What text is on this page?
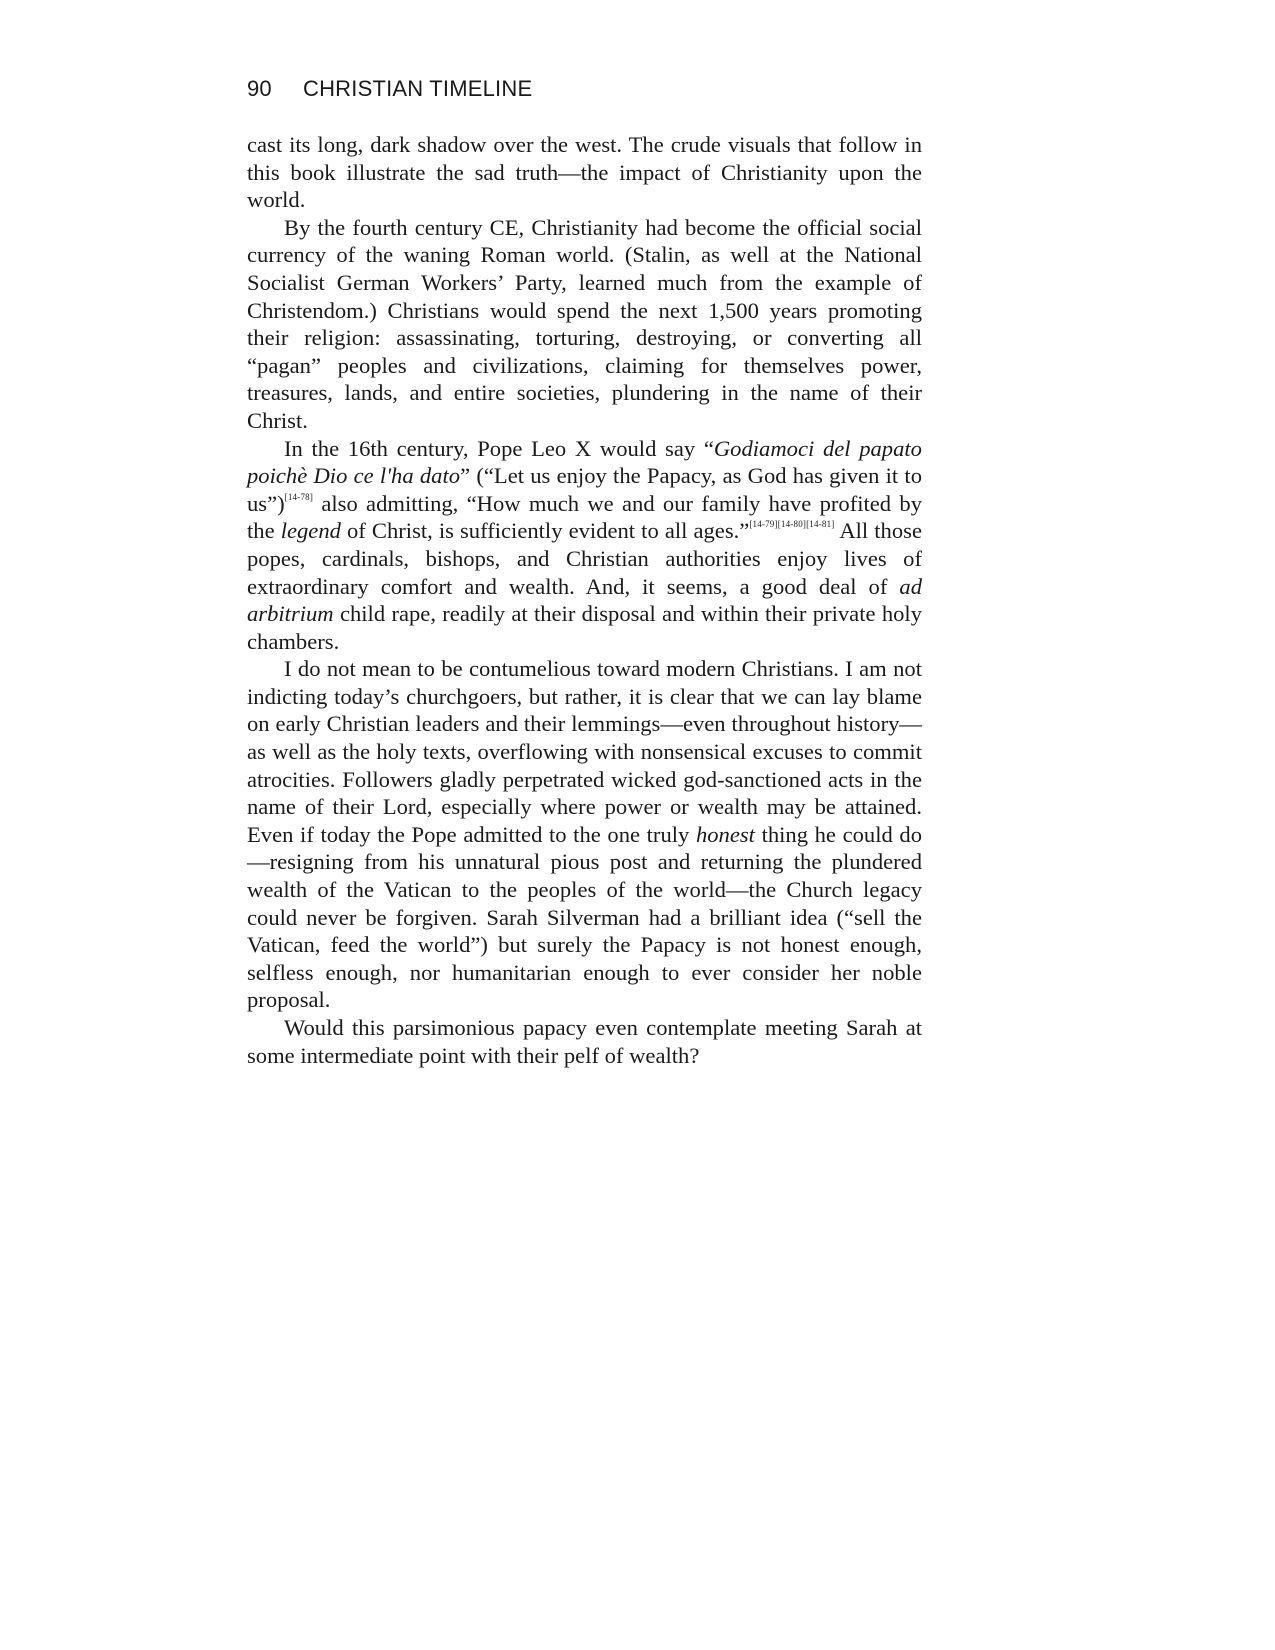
90 CHRISTIAN TIMELINE

cast its long, dark shadow over the west. The crude visuals that follow in this book illustrate the sad truth—the impact of Christianity upon the world.

By the fourth century CE, Christianity had become the official social currency of the waning Roman world. (Stalin, as well at the National Socialist German Workers’ Party, learned much from the example of Christendom.) Christians would spend the next 1,500 years promoting their religion: assassinating, torturing, destroying, or converting all “pagan” peoples and civilizations, claiming for themselves power, treasures, lands, and entire societies, plundering in the name of their Christ.

In the 16th century, Pope Leo X would say “Godiamoci del papato poichè Dio ce l'ha dato” (“Let us enjoy the Papacy, as God has given it to us”)[14-78] also admitting, “How much we and our family have profited by the legend of Christ, is sufficiently evident to all ages.”[14-79][14-80][14-81] All those popes, cardinals, bishops, and Christian authorities enjoy lives of extraordinary comfort and wealth. And, it seems, a good deal of ad arbitrium child rape, readily at their disposal and within their private holy chambers.

I do not mean to be contumelious toward modern Christians. I am not indicting today’s churchgoers, but rather, it is clear that we can lay blame on early Christian leaders and their lemmings—even throughout history—as well as the holy texts, overflowing with nonsensical excuses to commit atrocities. Followers gladly perpetrated wicked god-sanctioned acts in the name of their Lord, especially where power or wealth may be attained. Even if today the Pope admitted to the one truly honest thing he could do—resigning from his unnatural pious post and returning the plundered wealth of the Vatican to the peoples of the world—the Church legacy could never be forgiven. Sarah Silverman had a brilliant idea (“sell the Vatican, feed the world”) but surely the Papacy is not honest enough, selfless enough, nor humanitarian enough to ever consider her noble proposal.

Would this parsimonious papacy even contemplate meeting Sarah at some intermediate point with their pelf of wealth?
